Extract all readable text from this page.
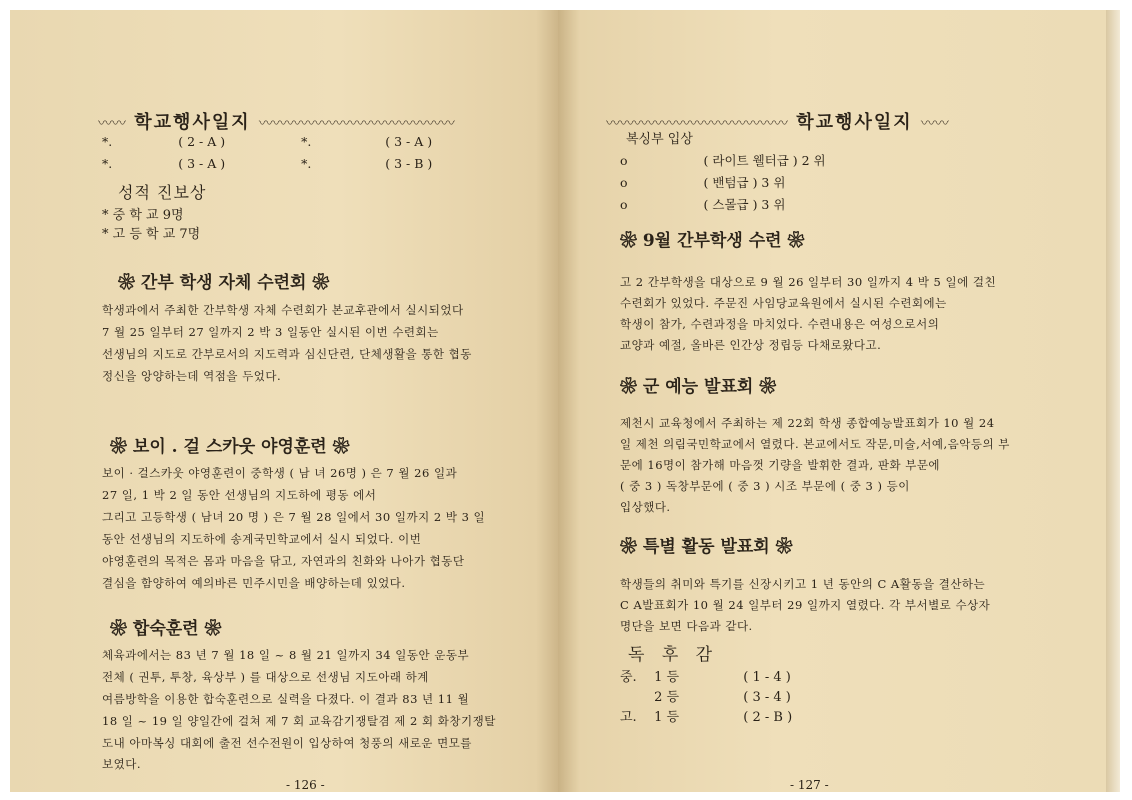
〰〰 학교행사일지 〰〰〰〰〰〰〰〰〰〰〰〰〰〰
*.	( 2 - A )	*.	( 3 - A )
*.	( 3 - A )	*.	( 3 - B )
성적 진보상
* 중 학 교 9명
* 고 등 학 교 7명
❀ 간부 학생 자체 수련회 ❀

학생과에서 주최한 간부학생 자체 수련회가 본교후관에서 실시되었다

7 월 25 일부터 27 일까지 2 박 3 일동안 실시된 이번 수련회는

선생님의 지도로 간부로서의 지도력과 심신단련, 단체생활을 통한 협동

정신을 앙양하는데 역점을 두었다.

❀ 보이 . 걸 스카웃 야영훈련 ❀

보이 · 걸스카웃 야영훈련이 중학생 ( 남 녀 26명 ) 은 7 월 26 일과

27 일, 1 박 2 일 동안 선생님의 지도하에 평동 에서

그리고 고등학생 ( 남녀 20 명 ) 은 7 월 28 일에서 30 일까지 2 박 3 일

동안 선생님의 지도하에 송계국민학교에서 실시 되었다. 이번

야영훈련의 목적은 몸과 마음을 닦고, 자연과의 친화와 나아가 협동단

결심을 함양하여 예의바른 민주시민을 배양하는데 있었다.

❀ 합숙훈련 ❀

체육과에서는 83 년 7 월 18 일 ~ 8 월 21 일까지 34 일동안 운동부

전체 ( 권투, 투창, 육상부 ) 를 대상으로 선생님 지도아래 하계

여름방학을 이용한 합숙훈련으로 실력을 다졌다. 이 결과 83 년 11 월

18 일 ~ 19 일 양일간에 걸쳐 제 7 회 교육감기쟁탈겸 제 2 회 화창기쟁탈

도내 아마복싱 대회에 출전 선수전원이 입상하여 청풍의 새로운 면모를

보였다.

- 126 -
〰〰〰〰〰〰〰〰〰〰〰〰〰 학교행사일지 〰〰
복싱부 입상
o	( 라이트 웰터급 ) 2 위
o	( 밴텀급 ) 3 위
o	( 스몰급 ) 3 위
❀ 9월 간부학생 수련 ❀

고 2 간부학생을 대상으로 9 월 26 일부터 30 일까지 4 박 5 일에 걸친

수련회가 있었다. 주문진 사임당교육원에서 실시된 수련회에는

학생이 참가, 수련과정을 마치었다. 수련내용은 여성으로서의

교양과 예절, 올바른 인간상 정립등 다채로왔다고.

❀ 군 예능 발표회 ❀

제천시 교육청에서 주최하는 제 22회 학생 종합예능발표회가 10 월 24

일 제천 의림국민학교에서 열렸다. 본교에서도 작문,미술,서예,음악등의 부

문에 16명이 참가해 마음껏 기량을 발휘한 결과, 판화 부문에

( 중 3 ) 독창부문에 ( 중 3 ) 시조 부문에 ( 중 3 ) 등이

입상했다.

❀ 특별 활동 발표회 ❀

학생들의 취미와 특기를 신장시키고 1 년 동안의 C A활동을 결산하는

C A발표회가 10 월 24 일부터 29 일까지 열렸다. 각 부서별로 수상자

명단을 보면 다음과 같다.

독 후 감
중. 1 등	( 1 - 4 )
2 등	( 3 - 4 )
고. 1 등	( 2 - B )
- 127 -
